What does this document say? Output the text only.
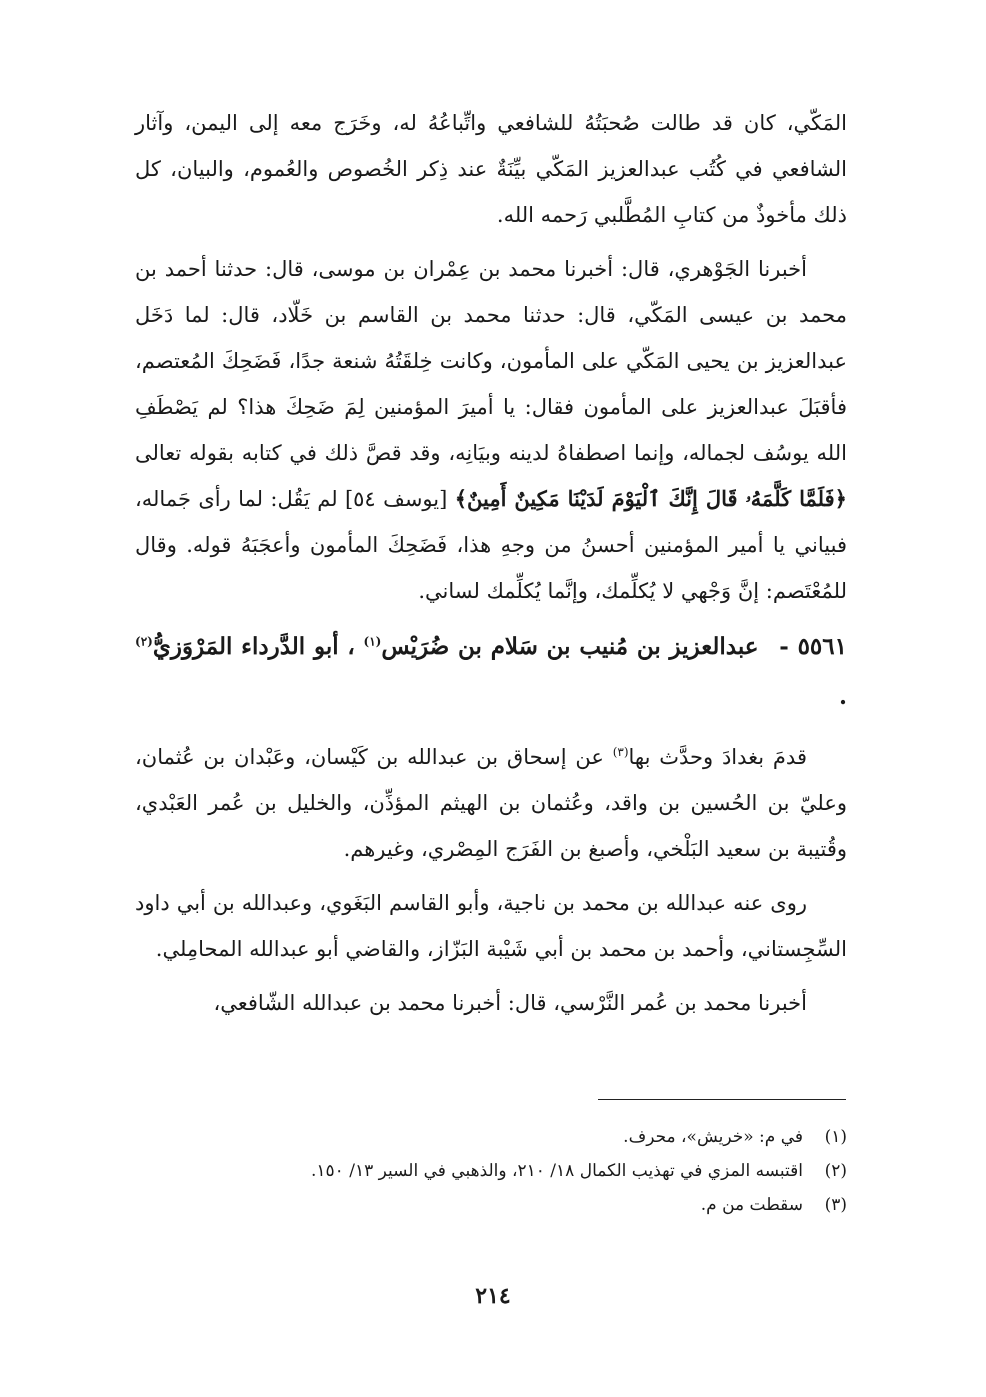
المَكّي، كان قد طالت صُحبَتُهُ للشافعي واتِّباعُهُ له، وخَرَج معه إلى اليمن، وآثار الشافعي في كُتُب عبدالعزيز المَكّي بيِّنَةٌ عند ذِكر الخُصوص والعُموم، والبيان، كل ذلك مأخوذٌ من كتابِ المُطَّلبي رَحمه الله.

أخبرنا الجَوْهري، قال: أخبرنا محمد بن عِمْران بن موسى، قال: حدثنا أحمد بن محمد بن عيسى المَكّي، قال: حدثنا محمد بن القاسم بن خَلّاد، قال: لما دَخَل عبدالعزيز بن يحيى المَكّي على المأمون، وكانت خِلقَتُهُ شنعة جدًا، فَضَحِكَ المُعتصم، فأقبَلَ عبدالعزيز على المأمون فقال: يا أميرَ المؤمنين لِمَ ضَحِكَ هذا؟ لم يَصْطَفِ الله يوسُف لجماله، وإنما اصطفاهُ لدينه وبيَانِه، وقد قصَّ ذلك في كتابه بقوله تعالى ﴿فَلَمَّا كَلَّمَهُۥ قَالَ إِنَّكَ ٱلْيَوْمَ لَدَيْنَا مَكِينٌ أَمِينٌ﴾ [يوسف ٥٤] لم يَقُل: لما رأى جَماله، فبياني يا أمير المؤمنين أحسنُ من وجهِ هذا، فَضَحِكَ المأمون وأعجَبَهُ قوله. وقال للمُعْتَصم: إنَّ وَجْهي لا يُكلِّمك، وإنَّما يُكلِّمك لساني.

٥٥٦١ - عبدالعزيز بن مُنيب بن سَلام بن ضُرَيْس$^{(١)}$ ، أبو الدَّرداء المَرْوَزيُّ$^{(٢)}$ .

قدمَ بغدادَ وحدَّث بها$^{(٣)}$ عن إسحاق بن عبدالله بن كَيْسان، وعَبْدان بن عُثمان، وعليّ بن الحُسين بن واقد، وعُثمان بن الهيثم المؤذِّن، والخليل بن عُمر العَبْدي، وقُتيبة بن سعيد البَلْخي، وأصبغ بن الفَرَج المِصْري، وغيرهم.

روى عنه عبدالله بن محمد بن ناجية، وأبو القاسم البَغَوي، وعبدالله بن أبي داود السِّجِستاني، وأحمد بن محمد بن أبي شَيْبة البَزّاز، والقاضي أبو عبدالله المحامِلي.

أخبرنا محمد بن عُمر النَّرْسي، قال: أخبرنا محمد بن عبدالله الشّافعي،

(١)في م: «خريش»، محرف.
(٢)اقتبسه المزي في تهذيب الكمال ١٨/ ٢١٠، والذهبي في السير ١٣/ ١٥٠.
(٣)سقطت من م.
٢١٤
